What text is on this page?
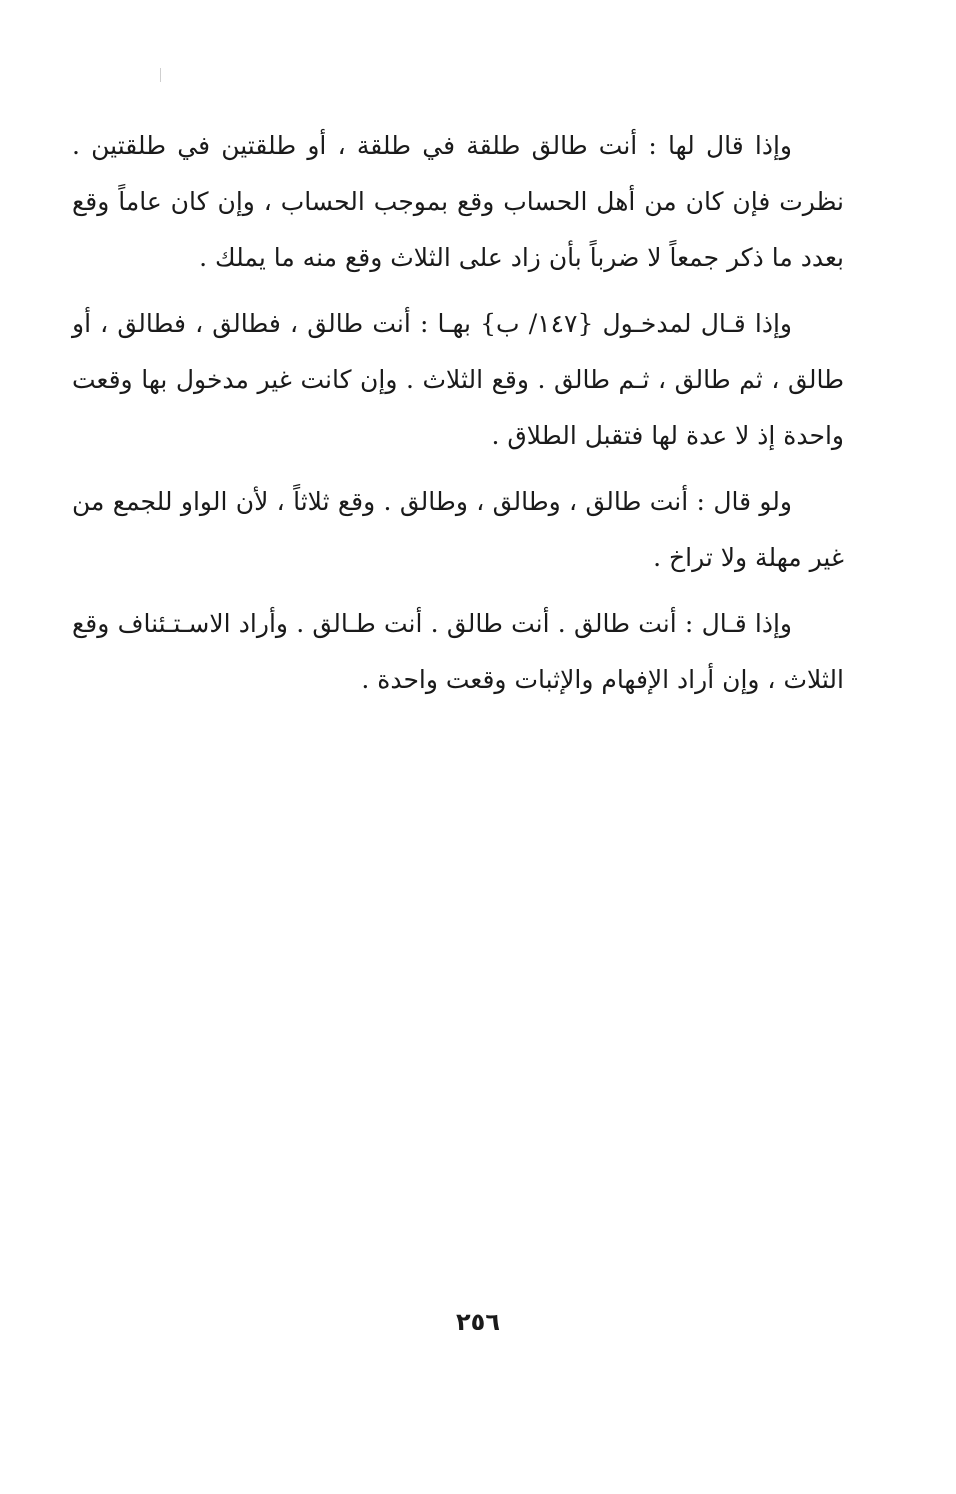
وإذا قال لها : أنت طالق طلقة في طلقة ، أو طلقتين في طلقتين . نظرت فإن كان من أهل الحساب وقع بموجب الحساب ، وإن كان عاماً وقع بعدد ما ذكر جمعاً لا ضرباً بأن زاد على الثلاث وقع منه ما يملك .

وإذا قـال لمدخـول {١٤٧/ ب} بهـا : أنت طالق ، فطالق ، فطالق ، أو طالق ، ثم طالق ، ثـم طالق . وقع الثلاث . وإن كانت غير مدخول بها وقعت واحدة إذ لا عدة لها فتقبل الطلاق .

ولو قال : أنت طالق ، وطالق ، وطالق . وقع ثلاثاً ، لأن الواو للجمع من غير مهلة ولا تراخ .

وإذا قـال : أنت طالق . أنت طالق . أنت طـالق . وأراد الاسـتـئناف وقع الثلاث ، وإن أراد الإفهام والإثبات وقعت واحدة .

٢٥٦
